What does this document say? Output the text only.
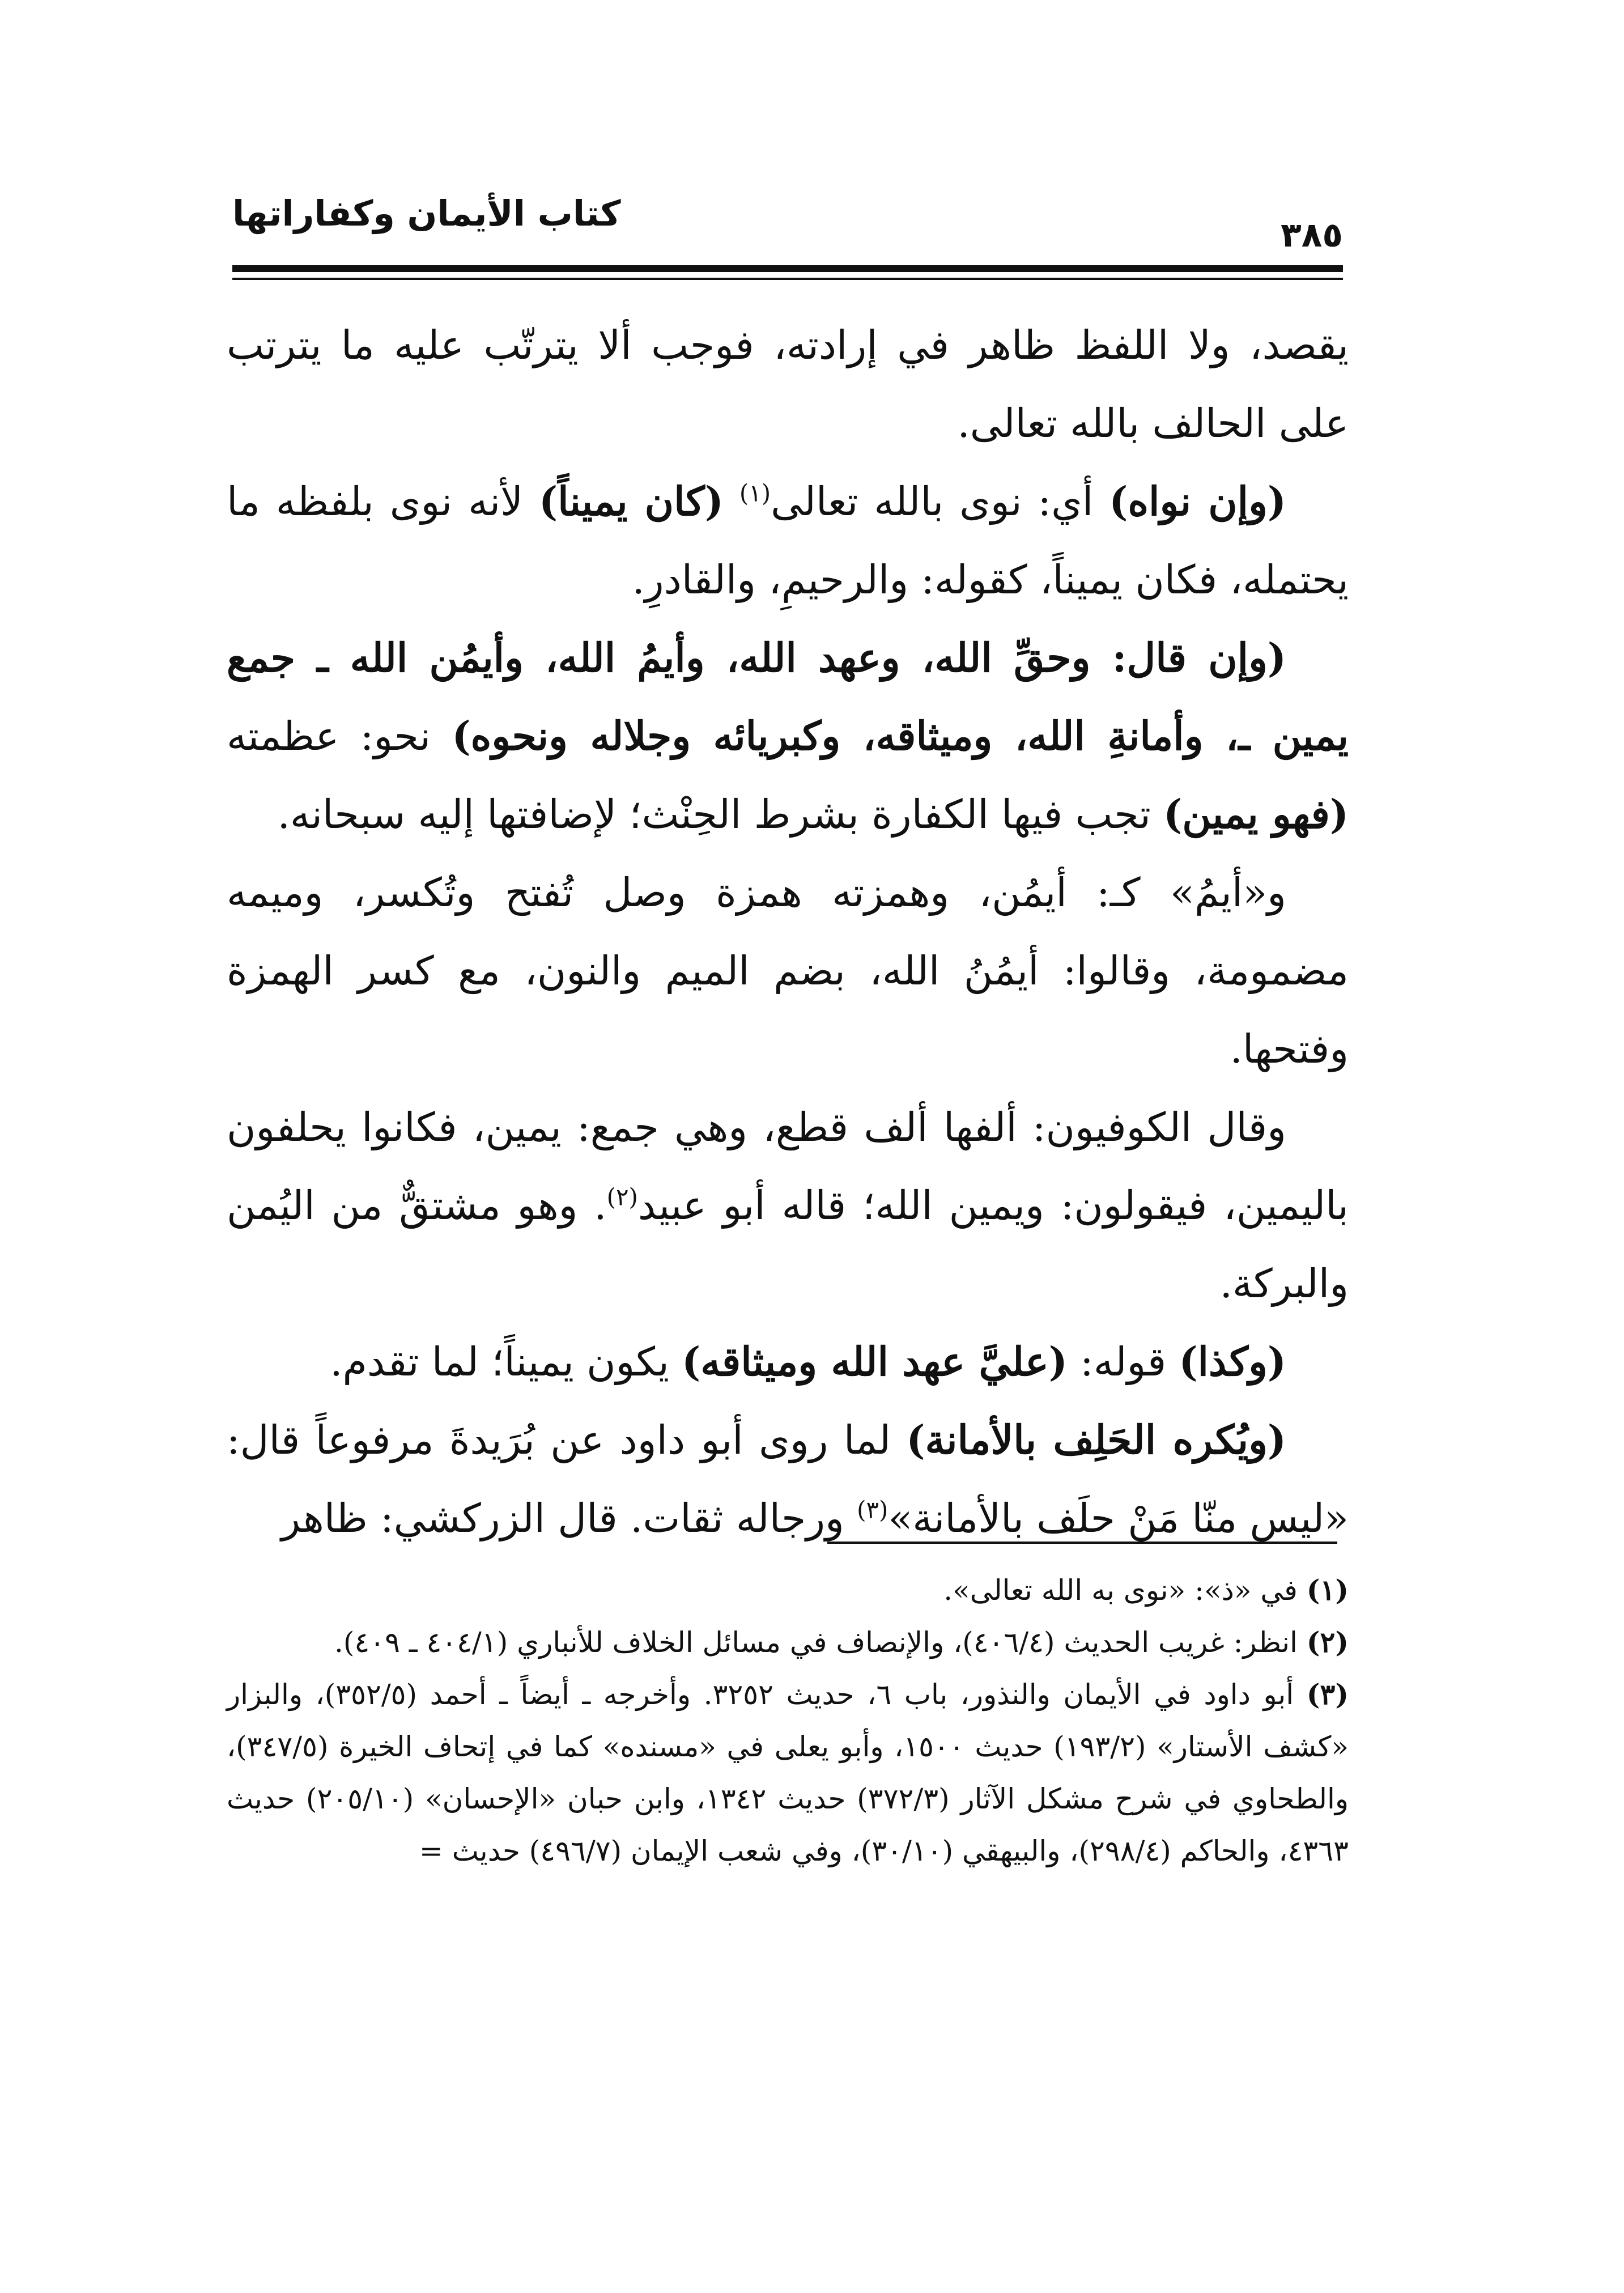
كتاب الأيمان وكفاراتها
٣٨٥

يقصد، ولا اللفظ ظاهر في إرادته، فوجب ألا يترتّب عليه ما يترتب على الحالف بالله تعالى.

(وإن نواه) أي: نوى بالله تعالى$^{(١)}$ (كان يميناً) لأنه نوى بلفظه ما يحتمله، فكان يميناً، كقوله: والرحيمِ، والقادرِ.

(وإن قال: وحقِّ الله، وعهد الله، وأيمُ الله، وأيمُن الله ـ جمع يمين ـ، وأمانةِ الله، وميثاقه، وكبريائه وجلاله ونحوه) نحو: عظمته (فهو يمين) تجب فيها الكفارة بشرط الحِنْث؛ لإضافتها إليه سبحانه.

و«أيمُ» كـ: أيمُن، وهمزته همزة وصل تُفتح وتُكسر، وميمه مضمومة، وقالوا: أيمُنُ الله، بضم الميم والنون، مع كسر الهمزة وفتحها.

وقال الكوفيون: ألفها ألف قطع، وهي جمع: يمين، فكانوا يحلفون باليمين، فيقولون: ويمين الله؛ قاله أبو عبيد$^{(٢)}$. وهو مشتقٌّ من اليُمن والبركة.

(وكذا) قوله: (عليَّ عهد الله وميثاقه) يكون يميناً؛ لما تقدم.

(ويُكره الحَلِف بالأمانة) لما روى أبو داود عن بُرَيدةَ مرفوعاً قال: «ليس منّا مَنْ حلَف بالأمانة»$^{(٣)}$ ورجاله ثقات. قال الزركشي: ظاهر

(١) في «ذ»: «نوى به الله تعالى».

(٢) انظر: غريب الحديث (٤٠٦/٤)، والإنصاف في مسائل الخلاف للأنباري (٤٠٤/١ ـ ٤٠٩).

(٣) أبو داود في الأيمان والنذور، باب ٦، حديث ٣٢٥٢. وأخرجه ـ أيضاً ـ أحمد (٣٥٢/٥)، والبزار «كشف الأستار» (١٩٣/٢) حديث ١٥٠٠، وأبو يعلى في «مسنده» كما في إتحاف الخيرة (٣٤٧/٥)، والطحاوي في شرح مشكل الآثار (٣٧٢/٣) حديث ١٣٤٢، وابن حبان «الإحسان» (٢٠٥/١٠) حديث ٤٣٦٣، والحاكم (٢٩٨/٤)، والبيهقي (٣٠/١٠)، وفي شعب الإيمان (٤٩٦/٧) حديث =
